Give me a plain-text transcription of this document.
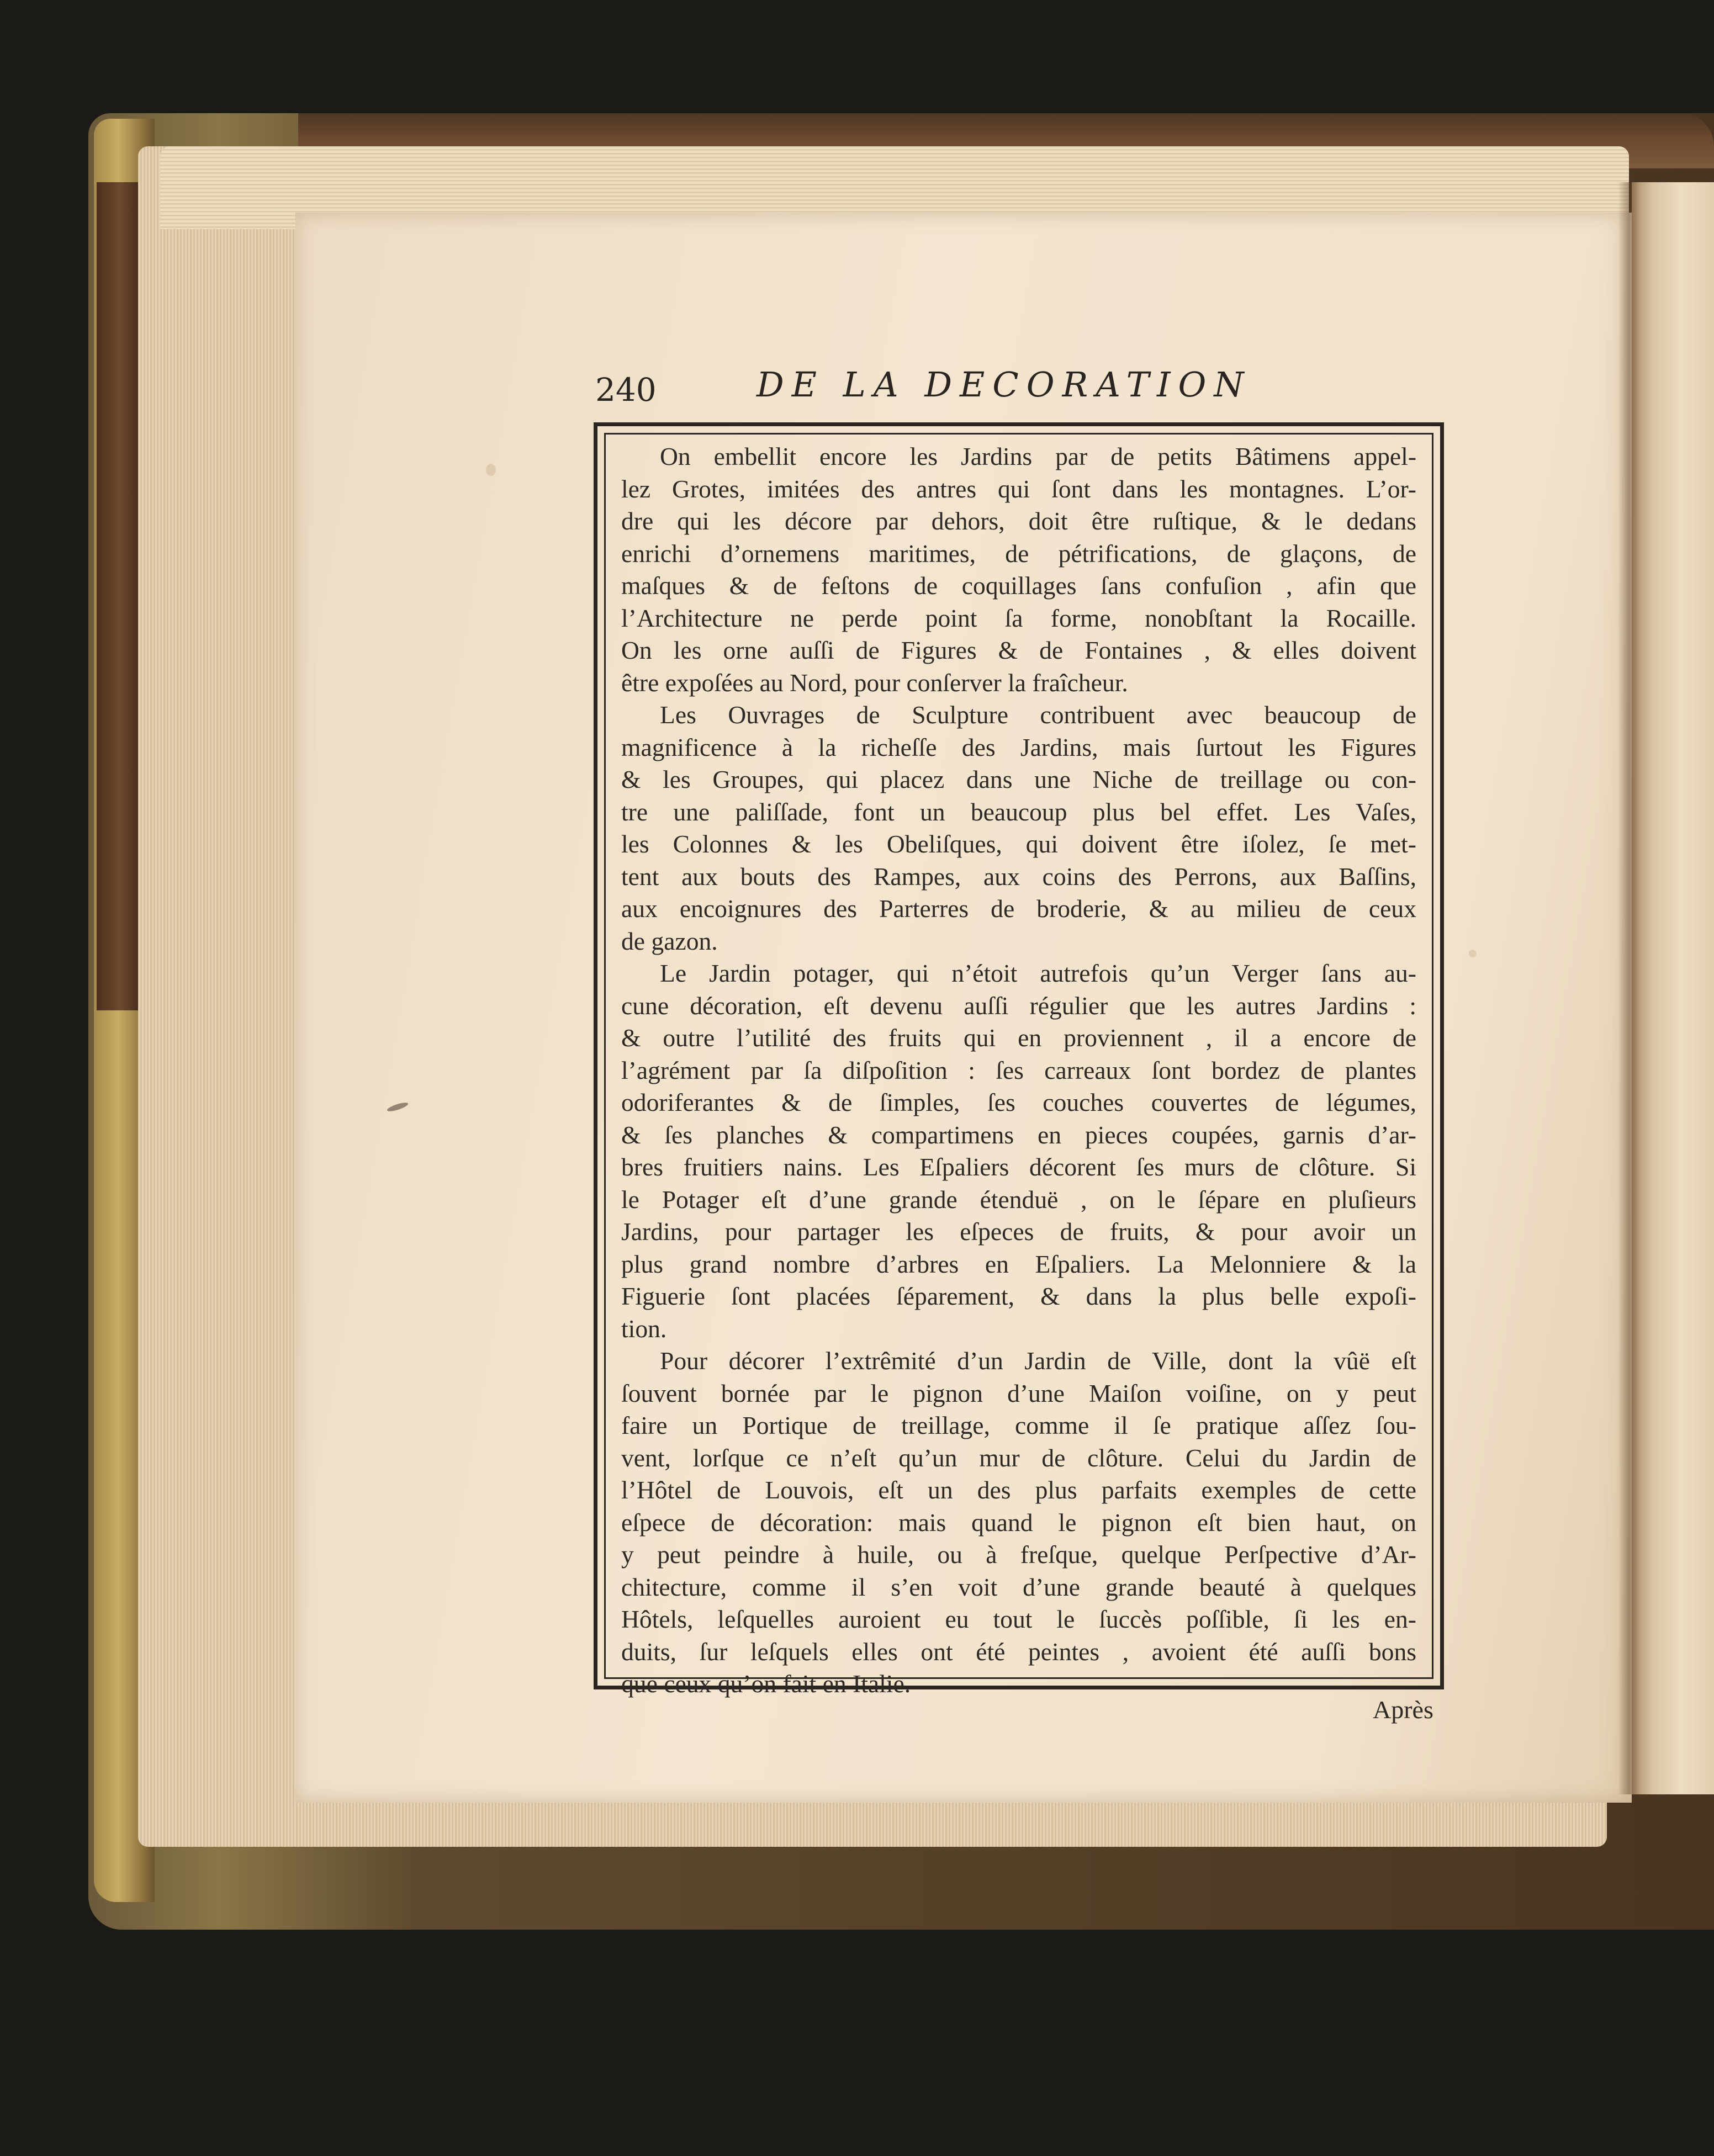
240	DE LA DECORATION
On embellit encore les Jardins par de petits Bâtimens appel-
lez Grotes, imitées des antres qui ſont dans les montagnes. L’or-
dre qui les décore par dehors, doit être ruſtique, & le dedans
enrichi d’ornemens maritimes, de pétrifications, de glaçons, de
maſques & de feſtons de coquillages ſans confuſion , afin que
l’Architecture ne perde point ſa forme, nonobſtant la Rocaille.
On les orne auſſi de Figures & de Fontaines , & elles doivent
être expoſées au Nord, pour conſerver la fraîcheur.
Les Ouvrages de Sculpture contribuent avec beaucoup de
magnificence à la richeſſe des Jardins, mais ſurtout les Figures
& les Groupes, qui placez dans une Niche de treillage ou con-
tre une paliſſade, font un beaucoup plus bel effet. Les Vaſes,
les Colonnes & les Obeliſques, qui doivent être iſolez, ſe met-
tent aux bouts des Rampes, aux coins des Perrons, aux Baſſins,
aux encoignures des Parterres de broderie, & au milieu de ceux
de gazon.
Le Jardin potager, qui n’étoit autrefois qu’un Verger ſans au-
cune décoration, eſt devenu auſſi régulier que les autres Jardins :
& outre l’utilité des fruits qui en proviennent , il a encore de
l’agrément par ſa diſpoſition : ſes carreaux ſont bordez de plantes
odoriferantes & de ſimples, ſes couches couvertes de légumes,
& ſes planches & compartimens en pieces coupées, garnis d’ar-
bres fruitiers nains. Les Eſpaliers décorent ſes murs de clôture. Si
le Potager eſt d’une grande étenduë , on le ſépare en pluſieurs
Jardins, pour partager les eſpeces de fruits, & pour avoir un
plus grand nombre d’arbres en Eſpaliers. La Melonniere & la
Figuerie ſont placées ſéparement, & dans la plus belle expoſi-
tion.
Pour décorer l’extrêmité d’un Jardin de Ville, dont la vûë eſt
ſouvent bornée par le pignon d’une Maiſon voiſine, on y peut
faire un Portique de treillage, comme il ſe pratique aſſez ſou-
vent, lorſque ce n’eſt qu’un mur de clôture. Celui du Jardin de
l’Hôtel de Louvois, eſt un des plus parfaits exemples de cette
eſpece de décoration: mais quand le pignon eſt bien haut, on
y peut peindre à huile, ou à freſque, quelque Perſpective d’Ar-
chitecture, comme il s’en voit d’une grande beauté à quelques
Hôtels, leſquelles auroient eu tout le ſuccès poſſible, ſi les en-
duits, ſur leſquels elles ont été peintes , avoient été auſſi bons
que ceux qu’on fait en Italie.
Après
